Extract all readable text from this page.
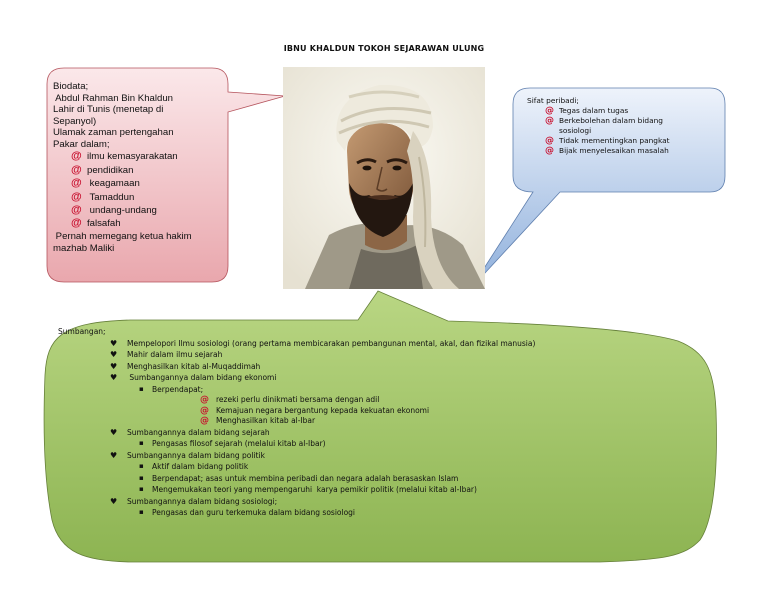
IBNU KHALDUN TOKOH SEJARAWAN ULUNG

Biodata;

Abdul Rahman Bin Khaldun

Lahir di Tunis (menetap di

Sepanyol)

Ulamak zaman pertengahan

Pakar dalam;

@ ilmu kemasyarakatan
@ pendidikan
@ keagamaan
@ Tamaddun
@ undang-undang
@ falsafah

Pernah memegang ketua hakim

mazhab Maliki

Sifat peribadi;

@ Tegas dalam tugas
@ Berkebolehan dalam bidang sosiologi
@ Tidak mementingkan pangkat
@ Bijak menyelesaikan masalah

Sumbangan;

♥ Mempelopori Ilmu sosiologi (orang pertama membicarakan pembangunan mental, akal, dan fizikal manusia)
♥ Mahir dalam ilmu sejarah
♥ Menghasilkan kitab al-Muqaddimah
♥ Sumbangannya dalam bidang ekonomi
▪ Berpendapat;
@ rezeki perlu dinikmati bersama dengan adil
@ Kemajuan negara bergantung kepada kekuatan ekonomi
@ Menghasilkan kitab al-Ibar
♥ Sumbangannya dalam bidang sejarah
▪ Pengasas filosof sejarah (melalui kitab al-Ibar)
♥ Sumbangannya dalam bidang politik
▪ Aktif dalam bidang politik
▪ Berpendapat; asas untuk membina peribadi dan negara adalah berasaskan Islam
▪ Mengemukakan teori yang mempengaruhi  karya pemikir politik (melalui kitab al-Ibar)
♥ Sumbangannya dalam bidang sosiologi;
▪ Pengasas dan guru terkemuka dalam bidang sosiologi
